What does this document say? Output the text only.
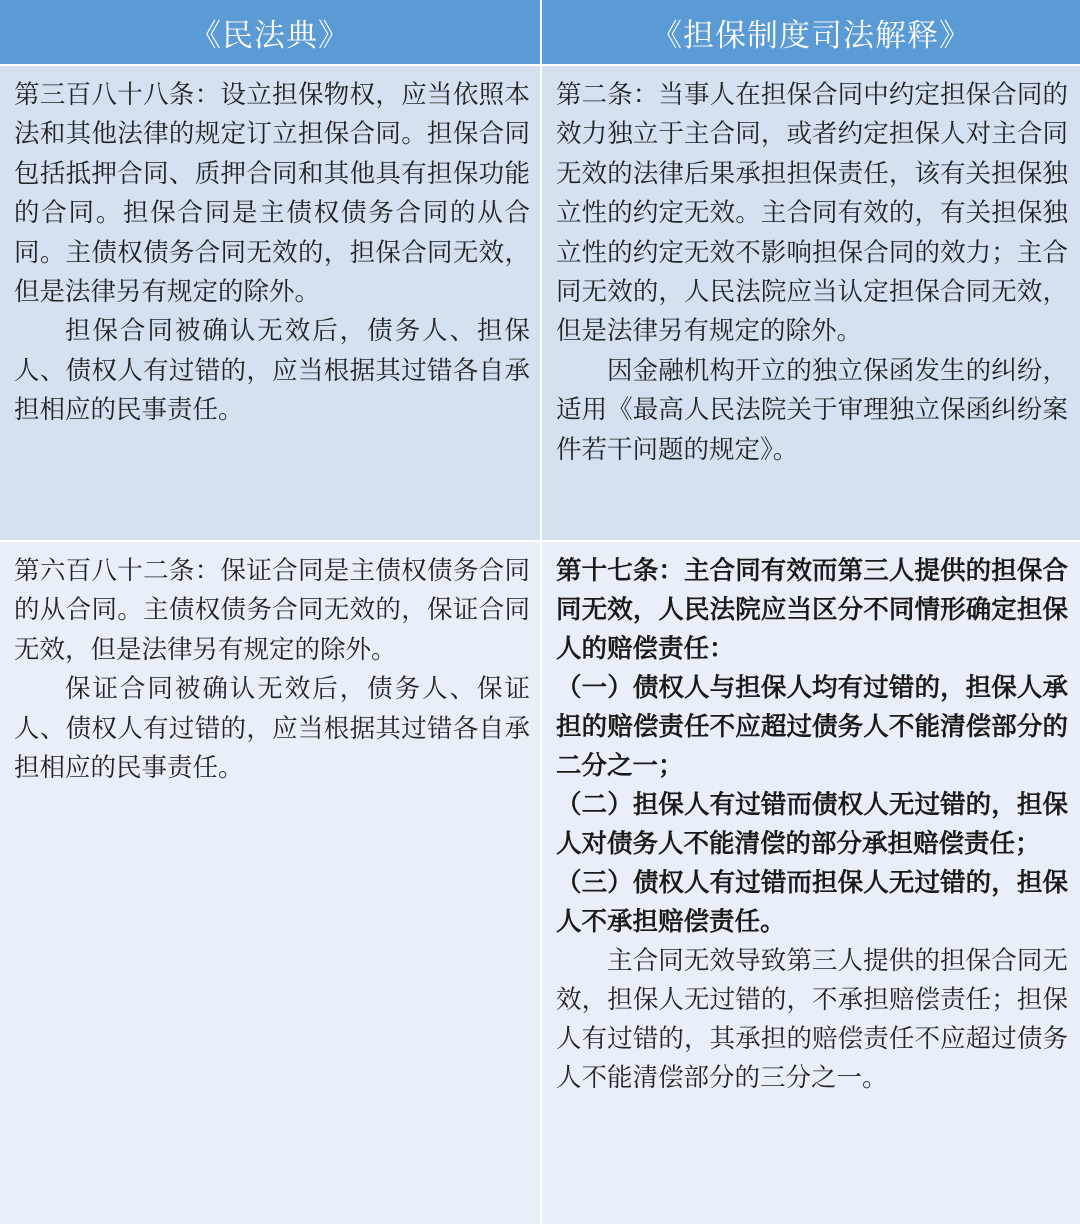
《民法典》	《担保制度司法解释》

第三百八十八条：设立担保物权，应当依照本法和其他法律的规定订立担保合同。担保合同包括抵押合同、质押合同和其他具有担保功能的合同。担保合同是主债权债务合同的从合同。主债权债务合同无效的，担保合同无效，但是法律另有规定的除外。

担保合同被确认无效后，债务人、担保人、债权人有过错的，应当根据其过错各自承担相应的民事责任。

第二条：当事人在担保合同中约定担保合同的效力独立于主合同，或者约定担保人对主合同无效的法律后果承担担保责任，该有关担保独立性的约定无效。主合同有效的，有关担保独立性的约定无效不影响担保合同的效力；主合同无效的，人民法院应当认定担保合同无效，但是法律另有规定的除外。

因金融机构开立的独立保函发生的纠纷，适用《最高人民法院关于审理独立保函纠纷案件若干问题的规定》。

第六百八十二条：保证合同是主债权债务合同的从合同。主债权债务合同无效的，保证合同无效，但是法律另有规定的除外。

保证合同被确认无效后，债务人、保证人、债权人有过错的，应当根据其过错各自承担相应的民事责任。

第十七条：主合同有效而第三人提供的担保合同无效，人民法院应当区分不同情形确定担保人的赔偿责任：

（一）债权人与担保人均有过错的，担保人承担的赔偿责任不应超过债务人不能清偿部分的二分之一；

（二）担保人有过错而债权人无过错的，担保人对债务人不能清偿的部分承担赔偿责任；

（三）债权人有过错而担保人无过错的，担保人不承担赔偿责任。

主合同无效导致第三人提供的担保合同无效，担保人无过错的，不承担赔偿责任；担保人有过错的，其承担的赔偿责任不应超过债务人不能清偿部分的三分之一。
